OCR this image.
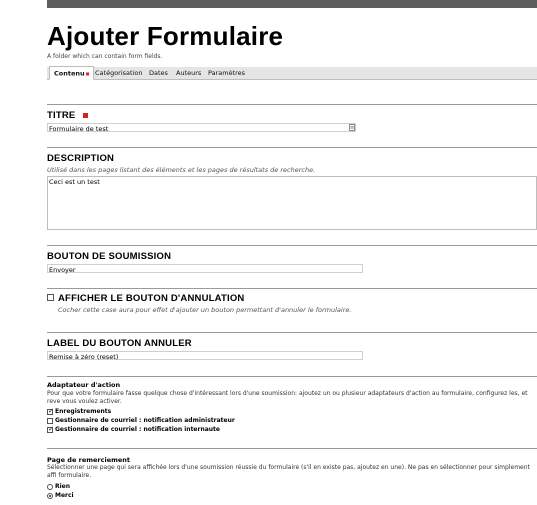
Ajouter Formulaire
A folder which can contain form fields.
Contenu■ Catégorisation	Dates	Auteurs	Paramètres
TITRE
Formulaire de test	≡
DESCRIPTION
Utilisé dans les pages listant des éléments et les pages de résultats de recherche.
Ceci est un test
BOUTON DE SOUMISSION
Envoyer
AFFICHER LE BOUTON D'ANNULATION
Cocher cette case aura pour effet d'ajouter un bouton permettant d'annuler le formulaire.
LABEL DU BOUTON ANNULER
Remise à zéro (reset)
Adaptateur d'action
Pour que votre formulaire fasse quelque chose d'intéressant lors d'une soumission: ajoutez un ou plusieur adaptateurs d'action au formulaire, configurez les, et reve vous voulez activer.
✓
Enregistrements
Gestionnaire de courriel : notification administrateur
✓
Gestionnaire de courriel : notification internaute
Page de remerciement
Sélectionner une page qui sera affichée lors d'une soumission réussie du formulaire (s'il en existe pas, ajoutez en une). Ne pas en sélectionner pour simplement affi formulaire.
Rien
Merci
